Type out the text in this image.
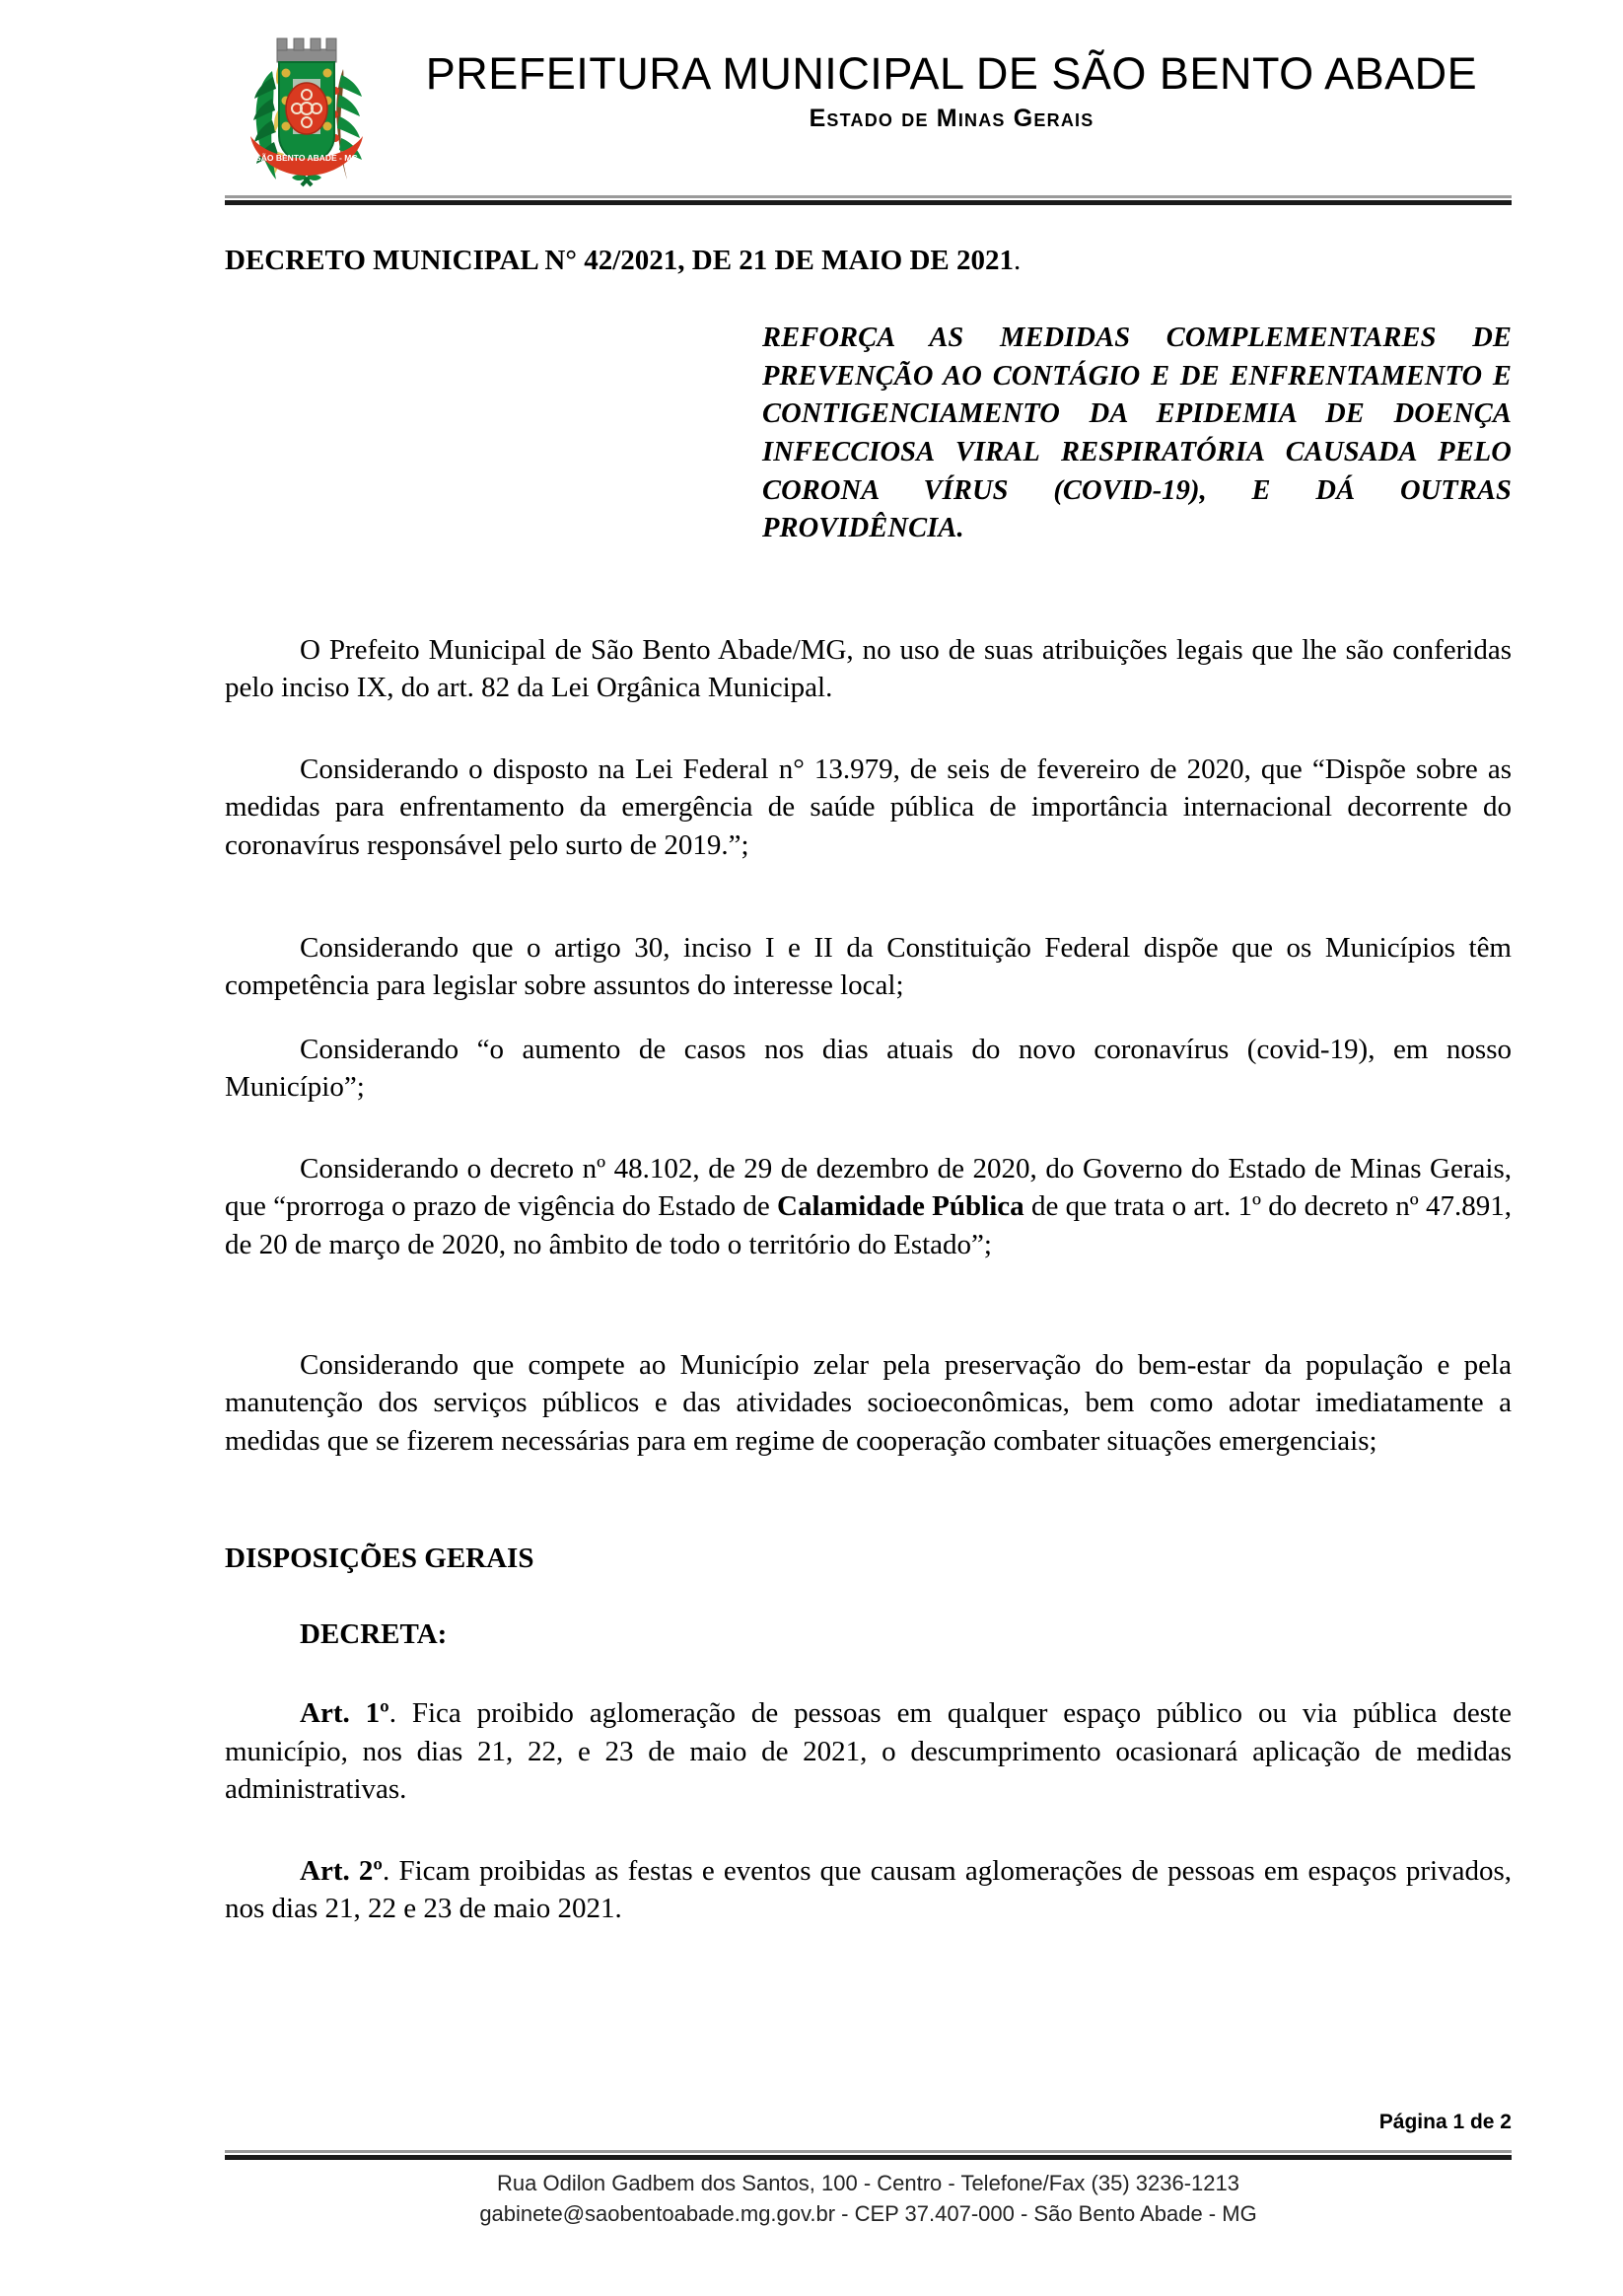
SÃO BENTO ABADE - MG
PREFEITURA MUNICIPAL DE SÃO BENTO ABADE
Estado de Minas Gerais
DECRETO MUNICIPAL N° 42/2021, DE 21 DE MAIO DE 2021.
REFORÇA AS MEDIDAS COMPLEMENTARES DE PREVENÇÃO AO CONTÁGIO E DE ENFRENTAMENTO E CONTIGENCIAMENTO DA EPIDEMIA DE DOENÇA INFECCIOSA VIRAL RESPIRATÓRIA CAUSADA PELO CORONA VÍRUS (COVID-19), E DÁ OUTRAS PROVIDÊNCIA.

O Prefeito Municipal de São Bento Abade/MG, no uso de suas atribuições legais que lhe são conferidas pelo inciso IX, do art. 82 da Lei Orgânica Municipal.

Considerando o disposto na Lei Federal n° 13.979, de seis de fevereiro de 2020, que “Dispõe sobre as medidas para enfrentamento da emergência de saúde pública de importância internacional decorrente do coronavírus responsável pelo surto de 2019.”;

Considerando que o artigo 30, inciso I e II da Constituição Federal dispõe que os Municípios têm competência para legislar sobre assuntos do interesse local;

Considerando “o aumento de casos nos dias atuais do novo coronavírus (covid-19), em nosso Município”;

Considerando o decreto nº 48.102, de 29 de dezembro de 2020, do Governo do Estado de Minas Gerais, que “prorroga o prazo de vigência do Estado de Calamidade Pública de que trata o art. 1º do decreto nº 47.891, de 20 de março de 2020, no âmbito de todo o território do Estado”;

Considerando que compete ao Município zelar pela preservação do bem-estar da população e pela manutenção dos serviços públicos e das atividades socioeconômicas, bem como adotar imediatamente a medidas que se fizerem necessárias para em regime de cooperação combater situações emergenciais;

DISPOSIÇÕES GERAIS

DECRETA:

Art. 1º. Fica proibido aglomeração de pessoas em qualquer espaço público ou via pública deste município, nos dias 21, 22, e 23 de maio de 2021, o descumprimento ocasionará aplicação de medidas administrativas.

Art. 2º. Ficam proibidas as festas e eventos que causam aglomerações de pessoas em espaços privados, nos dias 21, 22 e 23 de maio 2021.

Página 1 de 2
Rua Odilon Gadbem dos Santos, 100 - Centro - Telefone/Fax (35) 3236-1213
gabinete@saobentoabade.mg.gov.br - CEP 37.407-000 - São Bento Abade - MG
